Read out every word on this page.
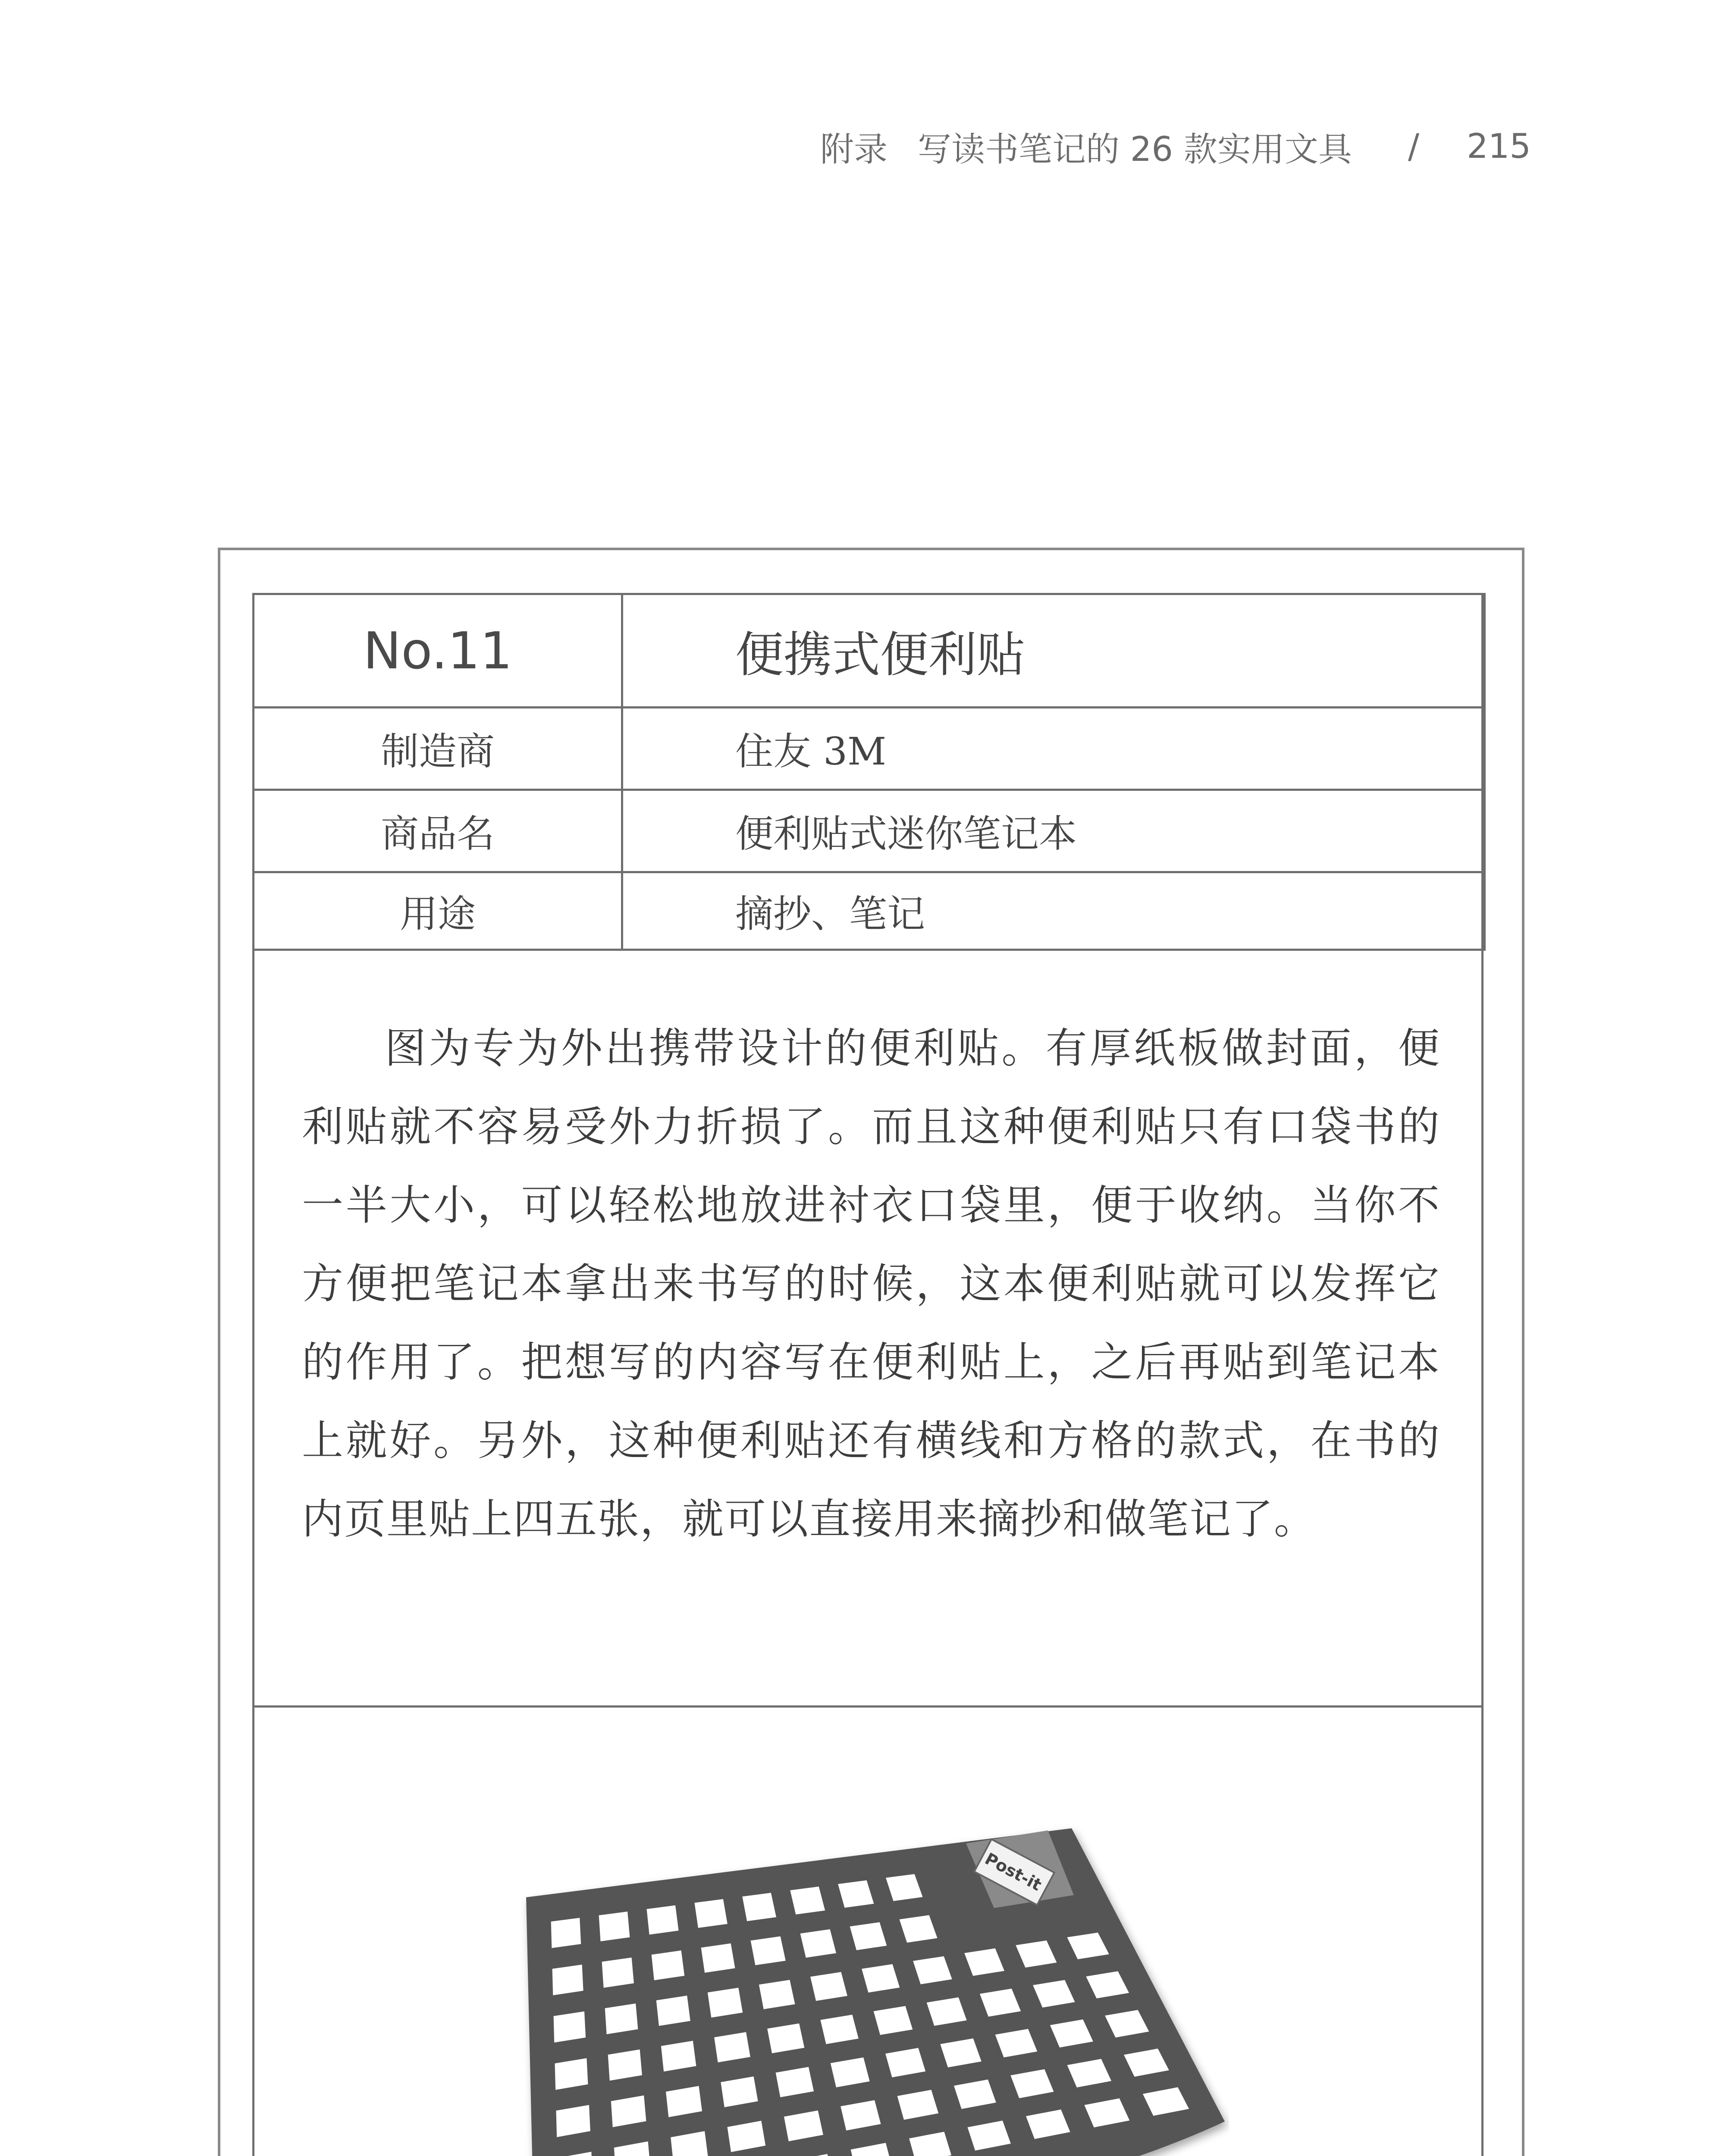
附录 写读书笔记的 26 款实用文具 / 215
No.11	便携式便利贴
制造商	住友 3M
商品名	便利贴式迷你笔记本
用途	摘抄、笔记

图为专为外出携带设计的便利贴。有厚纸板做封面，便利贴就不容易受外力折损了。而且这种便利贴只有口袋书的一半大小，可以轻松地放进衬衣口袋里，便于收纳。当你不方便把笔记本拿出来书写的时候，这本便利贴就可以发挥它的作用了。把想写的内容写在便利贴上，之后再贴到笔记本上就好。另外，这种便利贴还有横线和方格的款式，在书的内页里贴上四五张，就可以直接用来摘抄和做笔记了。

Post-it
